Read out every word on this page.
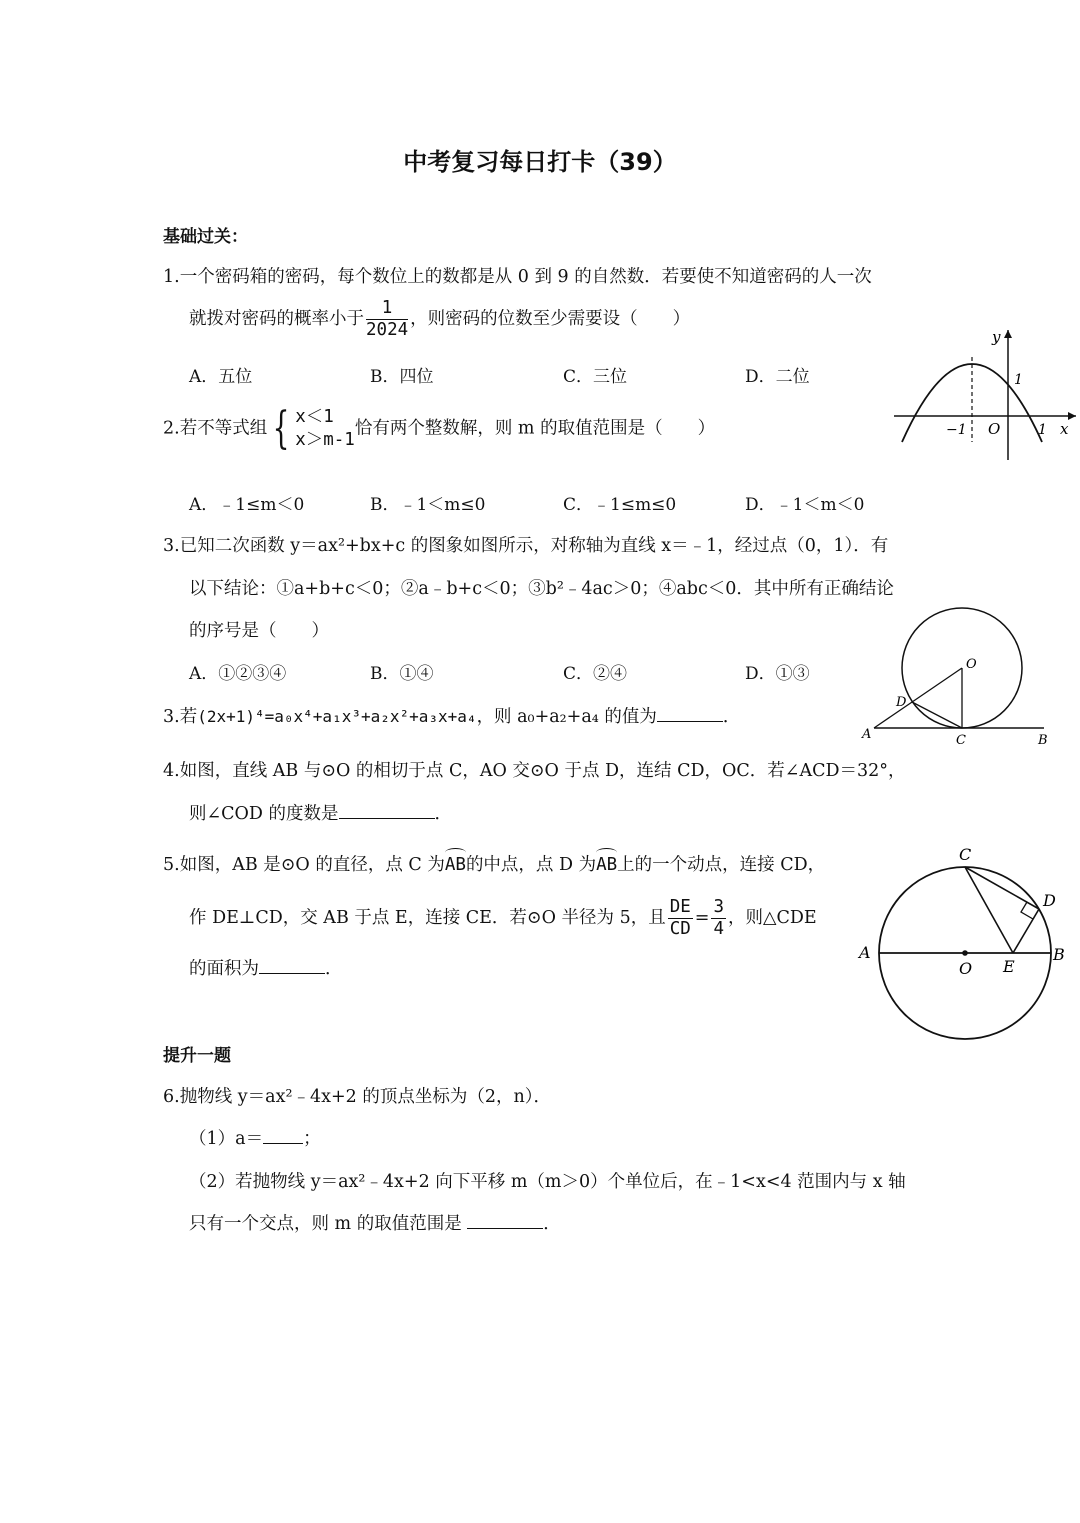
中考复习每日打卡（39）
基础过关：
1.一个密码箱的密码，每个数位上的数都是从 0 到 9 的自然数．若要使不知道密码的人一次
就拨对密码的概率小于 $\frac{1}{2024}$ ，则密码的位数至少需要设（　　）
A．五位	B．四位	C．三位	D．二位
2.若不等式组 { x＜1
x＞m-1
恰有两个整数解，则 m 的取值范围是（　　）
A．﹣1≤m＜0	B．﹣1＜m≤0	C．﹣1≤m≤0	D．﹣1＜m＜0
3.已知二次函数 y＝ax²+bx+c 的图象如图所示，对称轴为直线 x＝﹣1，经过点（0，1）．有
以下结论：①a+b+c＜0；②a﹣b+c＜0；③b²﹣4ac＞0；④abc＜0．其中所有正确结论
的序号是（　　）
A．①②③④	B．①④	C．②④	D．①③
3.若(2x+1)⁴=a₀x⁴+a₁x³+a₂x²+a₃x+a₄，则 a₀+a₂+a₄ 的值为	．
4.如图，直线 AB 与⊙O 的相切于点 C，AO 交⊙O 于点 D，连结 CD，OC．若∠ACD＝32°，
则∠COD 的度数是	．
5.如图，AB 是⊙O 的直径，点 C 为AB的中点，点 D 为AB上的一个动点，连接 CD，
作 DE⊥CD，交 AB 于点 E，连接 CE．若⊙O 半径为 5，且 $\frac{DE}{CD} = \frac{3}{4}$ ，则△CDE
的面积为	．
提升一题
6.抛物线 y＝ax²﹣4x+2 的顶点坐标为（2，n）．
（1）a＝ ；
（2）若抛物线 y＝ax²﹣4x+2 向下平移 m（m＞0）个单位后，在﹣1<x<4 范围内与 x 轴
只有一个交点，则 m 的取值范围是	．
y
x
1
−1 O	1
O
D
A	C	B
C
D
A
O E
B
